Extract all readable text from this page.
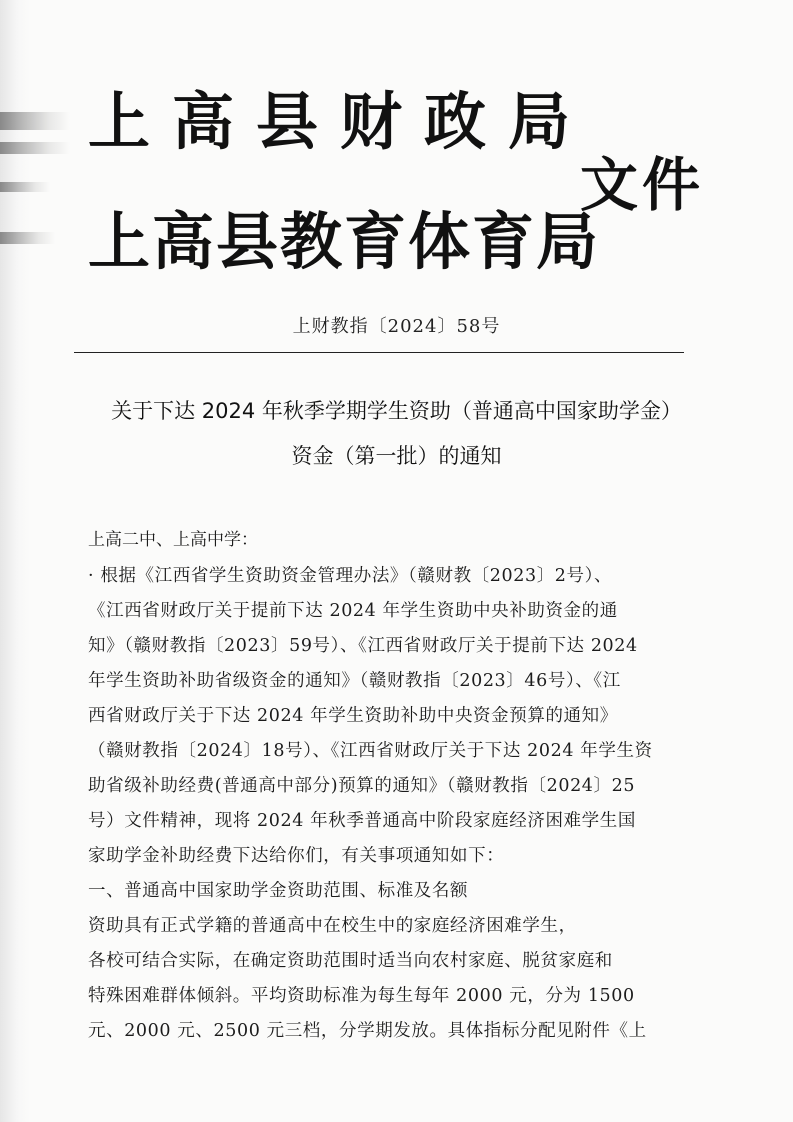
上高县财政局
文件
上高县教育体育局
上财教指〔2024〕58号
关于下达 2024 年秋季学期学生资助（普通高中国家助学金）
资金（第一批）的通知
上高二中、上高中学：
· 根据《江西省学生资助资金管理办法》（赣财教〔2023〕2号）、
《江西省财政厅关于提前下达 2024 年学生资助中央补助资金的通
知》（赣财教指〔2023〕59号）、《江西省财政厅关于提前下达 2024
年学生资助补助省级资金的通知》（赣财教指〔2023〕46号）、《江
西省财政厅关于下达 2024 年学生资助补助中央资金预算的通知》
（赣财教指〔2024〕18号）、《江西省财政厅关于下达 2024 年学生资
助省级补助经费(普通高中部分)预算的通知》（赣财教指〔2024〕25
号）文件精神，现将 2024 年秋季普通高中阶段家庭经济困难学生国
家助学金补助经费下达给你们，有关事项通知如下：
一、普通高中国家助学金资助范围、标准及名额
资助具有正式学籍的普通高中在校生中的家庭经济困难学生，
各校可结合实际，在确定资助范围时适当向农村家庭、脱贫家庭和
特殊困难群体倾斜。平均资助标准为每生每年 2000 元，分为 1500
元、2000 元、2500 元三档，分学期发放。具体指标分配见附件《上
